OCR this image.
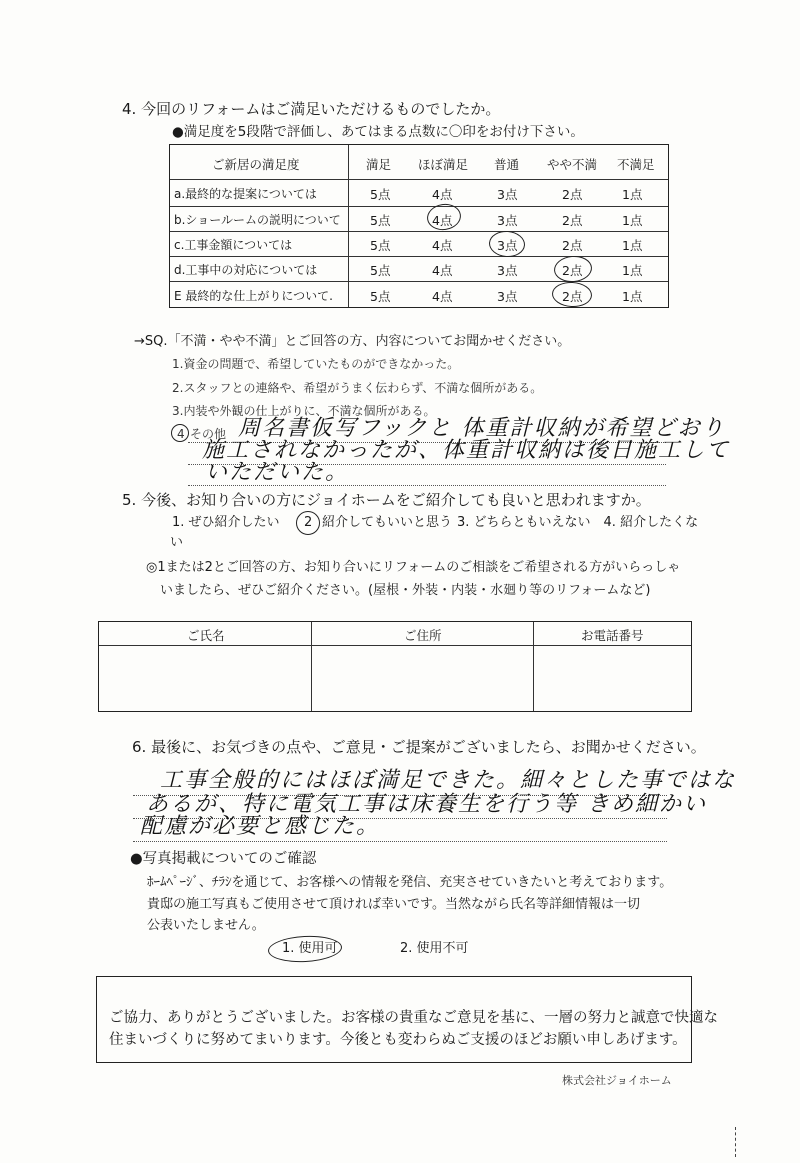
4. 今回のリフォームはご満足いただけるものでしたか。
●満足度を5段階で評価し、あてはまる点数に〇印をお付け下さい。
ご新居の満足度	満足 ほぼ満足 普通 やや不満 不満足
a.最終的な提案については	5点	4点	3点	2点	1点
b.ショールームの説明について 5点	4点	3点	2点	1点
c.工事金額については	5点	4点	3点	2点	1点
d.工事中の対応については	5点	4点	3点	2点	1点
E 最終的な仕上がりについて.	5点	4点	3点	2点	1点
→SQ.「不満・やや不満」とご回答の方、内容についてお聞かせください。
1.資金の問題で、希望していたものができなかった。
2.スタッフとの連絡や、希望がうまく伝わらず、不満な個所がある。
3.内装や外観の仕上がりに、不満な個所がある。
4 その他 周名書仮写フックと 体重計収納が希望どおり
施工されなかったが、体重計収納は後日施工して
いただいた。
5. 今後、お知り合いの方にジョイホームをご紹介しても良いと思われますか。
1. ぜひ紹介したい 2 紹介してもいいと思う 3. どちらともいえない　4. 紹介したくな
い
◎1または2とご回答の方、お知り合いにリフォームのご相談をご希望される方がいらっしゃ
いましたら、ぜひご紹介ください。(屋根・外装・内装・水廻り等のリフォームなど)
ご氏名	ご住所	お電話番号
6. 最後に、お気づきの点や、ご意見・ご提案がございましたら、お聞かせください。
工事全般的にはほぼ満足できた。細々とした事ではな
あるが、特に電気工事は床養生を行う等 きめ細かい
配慮が必要と感じた。
●写真掲載についてのご確認
ﾎｰﾑﾍﾟｰｼﾞ、ﾁﾗｼを通じて、お客様への情報を発信、充実させていきたいと考えております。
貴邸の施工写真もご使用させて頂ければ幸いです。当然ながら氏名等詳細情報は一切
公表いたしません。
1. 使用可	2. 使用不可
ご協力、ありがとうございました。お客様の貴重なご意見を基に、一層の努力と誠意で快適な
住まいづくりに努めてまいります。今後とも変わらぬご支援のほどお願い申しあげます。
株式会社ジョイホーム
